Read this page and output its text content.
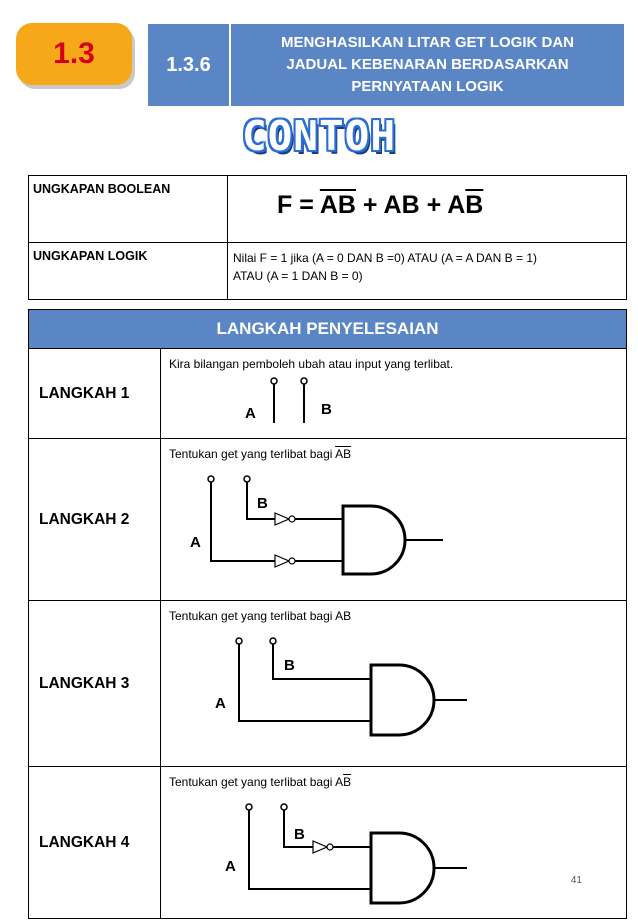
1.3	1.3.6
MENGHASILKAN LITAR GET LOGIK DAN
JADUAL KEBENARAN BERDASARKAN
PERNYATAAN LOGIK
CONTOH
UNGKAPAN BOOLEAN	$F = \overline{AB}$ + AB + $A\overline{B}$

UNGKAPAN LOGIK	Nilai F = 1 jika (A = 0 DAN B =0) ATAU (A = A DAN B = 1)
ATAU (A = 1 DAN B = 0)
LANGKAH PENYELESAIAN	
LANGKAH 1	Kira bilangan pemboleh ubah atau input yang terlibat.
A B

LANGKAH 2	Tentukan get yang terlibat bagi $\overline{AB}$
A
B

LANGKAH 3	Tentukan get yang terlibat bagi AB
A
B

LANGKAH 4	Tentukan get yang terlibat bagi $A\overline{B}$
A
B
41
